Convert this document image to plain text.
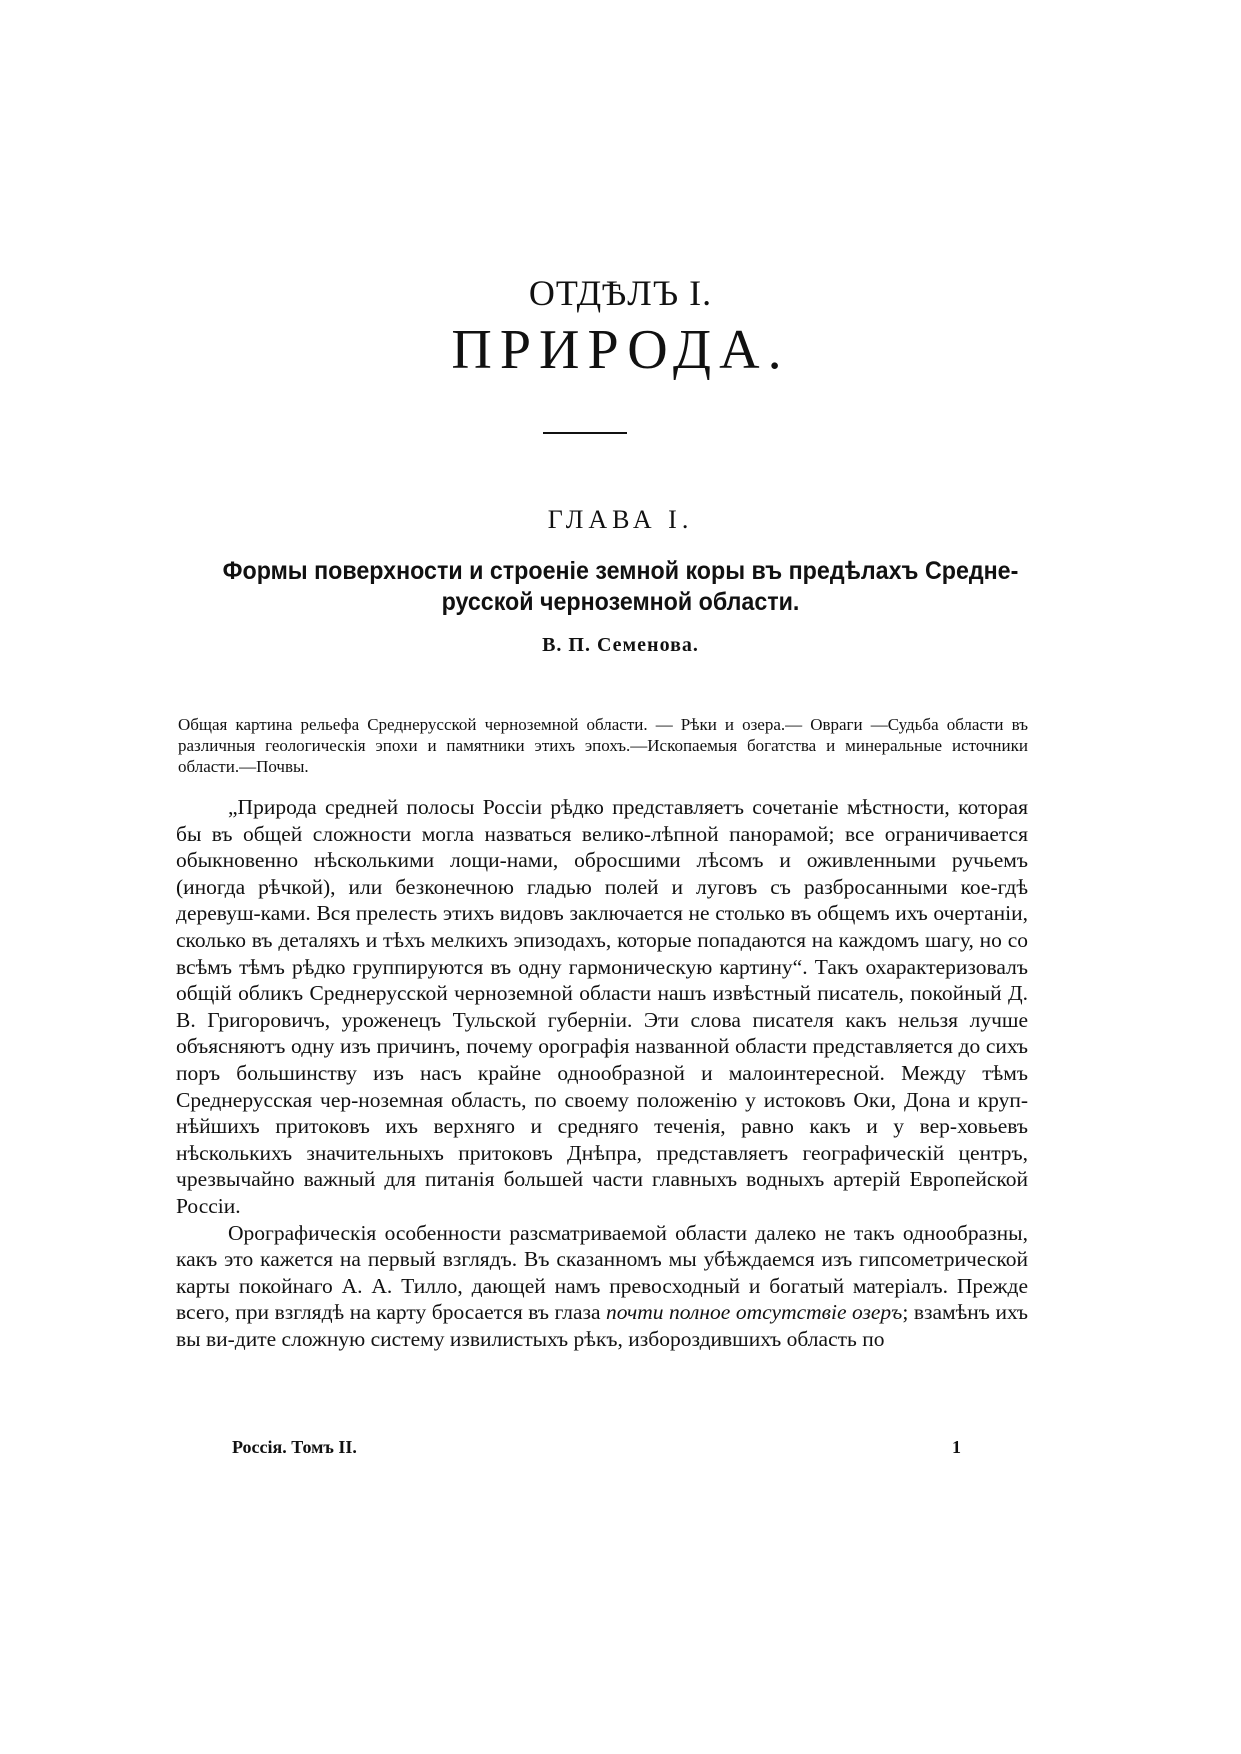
ОТДѢЛЪ I.
ПРИРОДА.
ГЛАВА I.
Формы поверхности и строеніе земной коры въ предѣлахъ Средне-русской черноземной области.
В. П. Семенова.
Общая картина рельефа Среднерусской черноземной области. — Рѣки и озера.— Овраги —Судьба области въ различныя геологическія эпохи и памятники этихъ эпохъ.—Ископаемыя богатства и минеральные источники области.—Почвы.

„Природа средней полосы Россіи рѣдко представляетъ сочетаніе мѣстности, которая бы въ общей сложности могла назваться велико-лѣпной панорамой; все ограничивается обыкновенно нѣсколькими лощи-нами, обросшими лѣсомъ и оживленными ручьемъ (иногда рѣчкой), или безконечною гладью полей и луговъ съ разбросанными кое-гдѣ деревуш-ками. Вся прелесть этихъ видовъ заключается не столько въ общемъ ихъ очертаніи, сколько въ деталяхъ и тѣхъ мелкихъ эпизодахъ, которые попадаются на каждомъ шагу, но со всѣмъ тѣмъ рѣдко группируются въ одну гармоническую картину“. Такъ охарактеризовалъ общій обликъ Среднерусской черноземной области нашъ извѣстный писатель, покойный Д. В. Григоровичъ, уроженецъ Тульской губерніи. Эти слова писателя какъ нельзя лучше объясняютъ одну изъ причинъ, почему орографія названной области представляется до сихъ поръ большинству изъ насъ крайне однообразной и малоинтересной. Между тѣмъ Среднерусская чер-ноземная область, по своему положенію у истоковъ Оки, Дона и круп-нѣйшихъ притоковъ ихъ верхняго и средняго теченія, равно какъ и у вер-ховьевъ нѣсколькихъ значительныхъ притоковъ Днѣпра, представляетъ географическій центръ, чрезвычайно важный для питанія большей части главныхъ водныхъ артерій Европейской Россіи.

Орографическія особенности разсматриваемой области далеко не такъ однообразны, какъ это кажется на первый взглядъ. Въ сказанномъ мы убѣждаемся изъ гипсометрической карты покойнаго А. А. Тилло, дающей намъ превосходный и богатый матеріалъ. Прежде всего, при взглядѣ на карту бросается въ глаза почти полное отсутствіе озеръ; взамѣнъ ихъ вы ви-дите сложную систему извилистыхъ рѣкъ, избороздившихъ область по

Россія. Томъ II.	1
